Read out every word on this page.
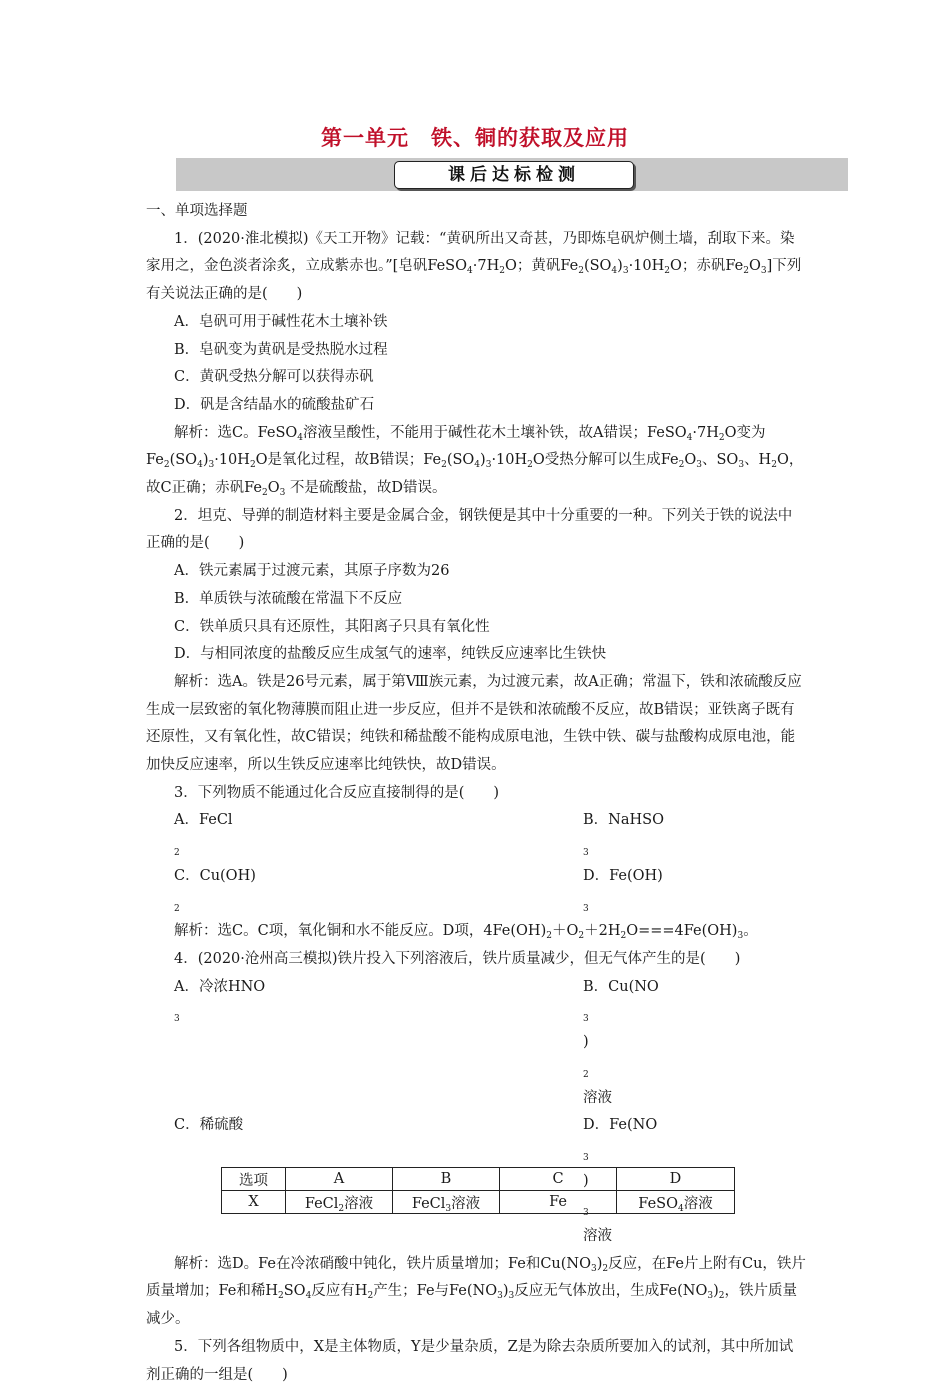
第一单元　铁、铜的获取及应用
课后达标检测

一、单项选择题

1．(2020·淮北模拟)《天工开物》记载：“黄矾所出又奇甚，乃即炼皂矾炉侧土墙，刮取下来。染家用之，金色淡者涂炙，立成紫赤也。”[皂矾$FeSO_4\cdot 7H_2O$；黄矾$Fe_2(SO_4)_3\cdot 10H_2O$；赤矾$Fe_2O_3$]下列有关说法正确的是(　　)

A．皂矾可用于碱性花木土壤补铁

B．皂矾变为黄矾是受热脱水过程

C．黄矾受热分解可以获得赤矾

D．矾是含结晶水的硫酸盐矿石

解析：选C。FeSO$_4$溶液呈酸性，不能用于碱性花木土壤补铁，故A错误；$FeSO_4\cdot 7H_2O$变为$Fe_2(SO_4)_3\cdot 10H_2O$是氧化过程，故B错误；$Fe_2(SO_4)_3\cdot 10H_2O$受热分解可以生成$Fe_2O_3$、$SO_3$、$H_2O$，故C正确；赤矾$Fe_2O_3$ 不是硫酸盐，故D错误。

2．坦克、导弹的制造材料主要是金属合金，钢铁便是其中十分重要的一种。下列关于铁的说法中正确的是(　　)

A．铁元素属于过渡元素，其原子序数为26

B．单质铁与浓硫酸在常温下不反应

C．铁单质只具有还原性，其阳离子只具有氧化性

D．与相同浓度的盐酸反应生成氢气的速率，纯铁反应速率比生铁快

解析：选A。铁是26号元素，属于第Ⅷ族元素，为过渡元素，故A正确；常温下，铁和浓硫酸反应生成一层致密的氧化物薄膜而阻止进一步反应，但并不是铁和浓硫酸不反应，故B错误；亚铁离子既有还原性，又有氧化性，故C错误；纯铁和稀盐酸不能构成原电池，生铁中铁、碳与盐酸构成原电池，能加快反应速率，所以生铁反应速率比纯铁快，故D错误。

3．下列物质不能通过化合反应直接制得的是(　　)

A．FeCl
$_2$
B．NaHSO
$_3$
C．Cu(OH)
$_2$
D．Fe(OH)
$_3$

解析：选C。C项，氧化铜和水不能反应。D项，$4Fe(OH)_2+O_2+2H_2O===4Fe(OH)_3$。

4．(2020·沧州高三模拟)铁片投入下列溶液后，铁片质量减少，但无气体产生的是(　　)

A．冷浓HNO
$_3$
B．Cu(NO
$_3$
)
$_2$
溶液
C．稀硫酸	D．Fe(NO
$_3$
)
$_3$
溶液

解析：选D。Fe在冷浓硝酸中钝化，铁片质量增加；Fe和$Cu(NO_3)_2$反应，在Fe片上附有Cu，铁片质量增加；Fe和稀$H_2SO_4$反应有$H_2$产生；Fe与$Fe(NO_3)_3$反应无气体放出，生成$Fe(NO_3)_2$，铁片质量减少。

5．下列各组物质中，X是主体物质，Y是少量杂质，Z是为除去杂质所要加入的试剂，其中所加试剂正确的一组是(　　)

选项	A	B	C	D
X	FeCl$_2$溶液	FeCl$_3$溶液	Fe	FeSO$_4$溶液
